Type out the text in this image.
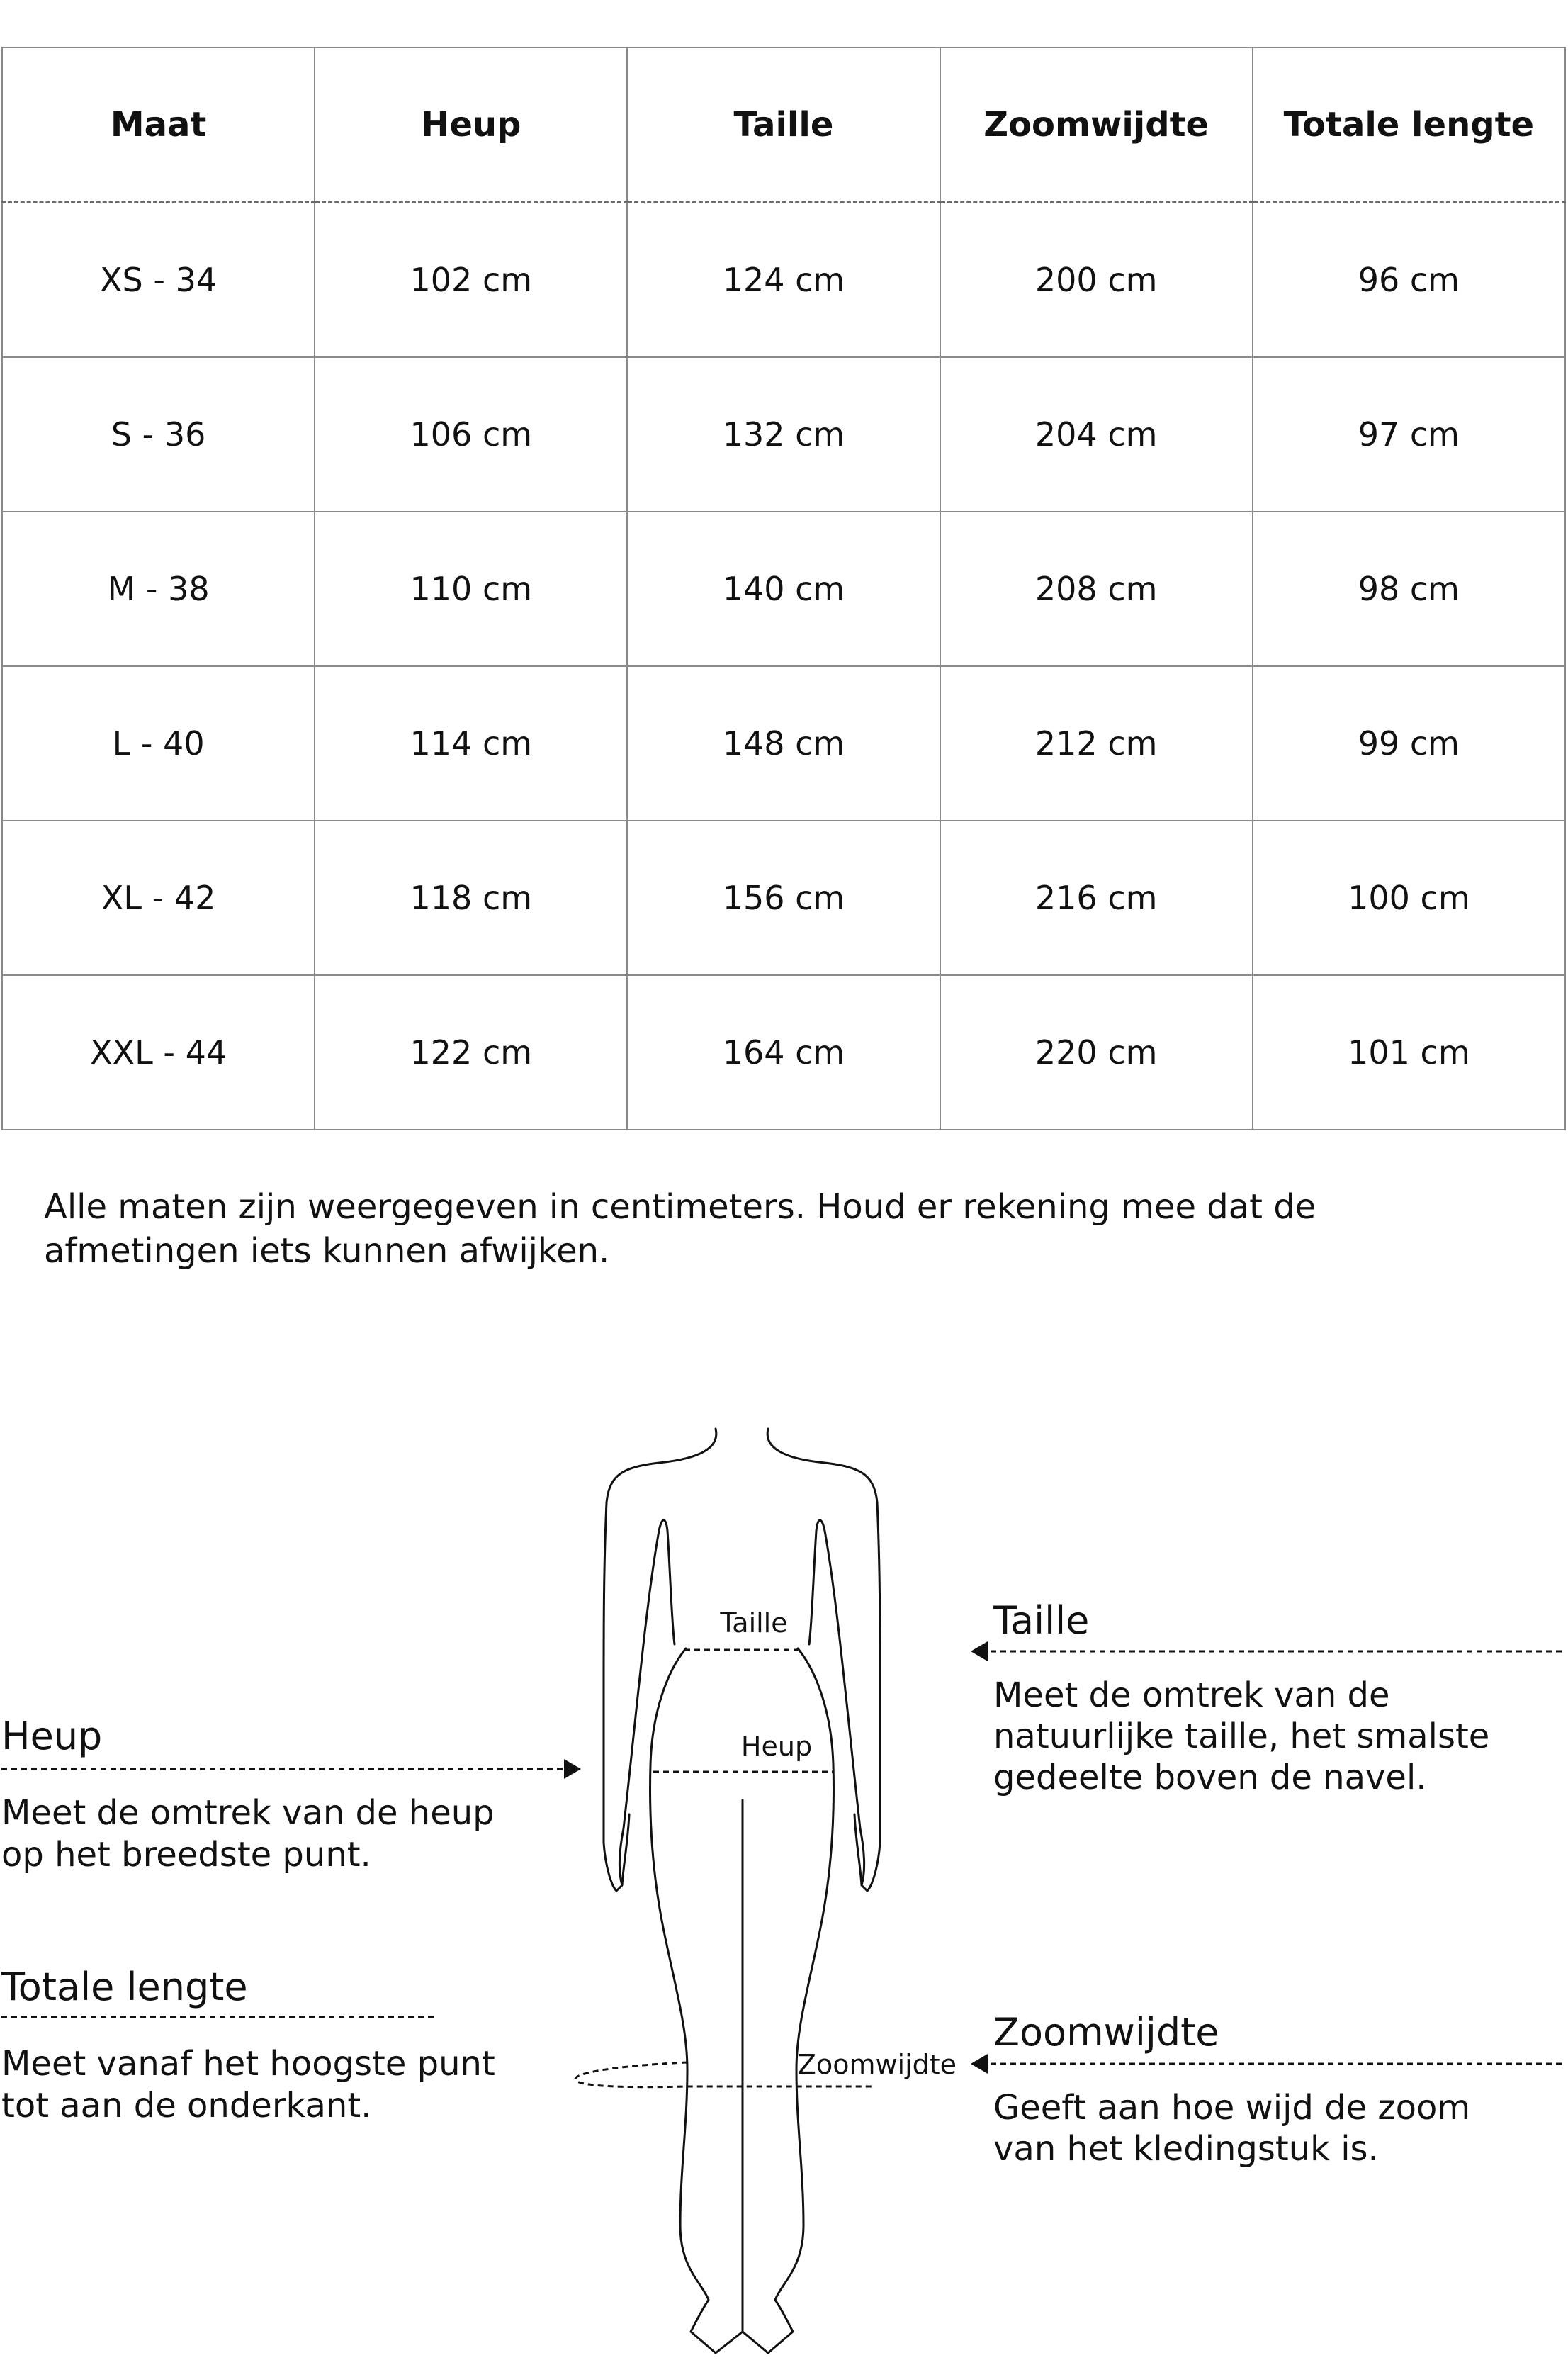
Maat	Heup	Taille	Zoomwijdte	Totale lengte
XS - 34	102 cm	124 cm	200 cm	96 cm
S - 36	106 cm	132 cm	204 cm	97 cm
M - 38	110 cm	140 cm	208 cm	98 cm
L - 40	114 cm	148 cm	212 cm	99 cm
XL - 42	118 cm	156 cm	216 cm	100 cm
XXL - 44	122 cm	164 cm	220 cm	101 cm
Alle maten zijn weergegeven in centimeters. Houd er rekening mee dat de
afmetingen iets kunnen afwijken.
Taille
Heup
Zoomwijdte
Heup
Meet de omtrek van de heup
op het breedste punt.
Totale lengte
Meet vanaf het hoogste punt
tot aan de onderkant.
Taille
Meet de omtrek van de
natuurlijke taille, het smalste
gedeelte boven de navel.
Zoomwijdte
Geeft aan hoe wijd de zoom
van het kledingstuk is.
